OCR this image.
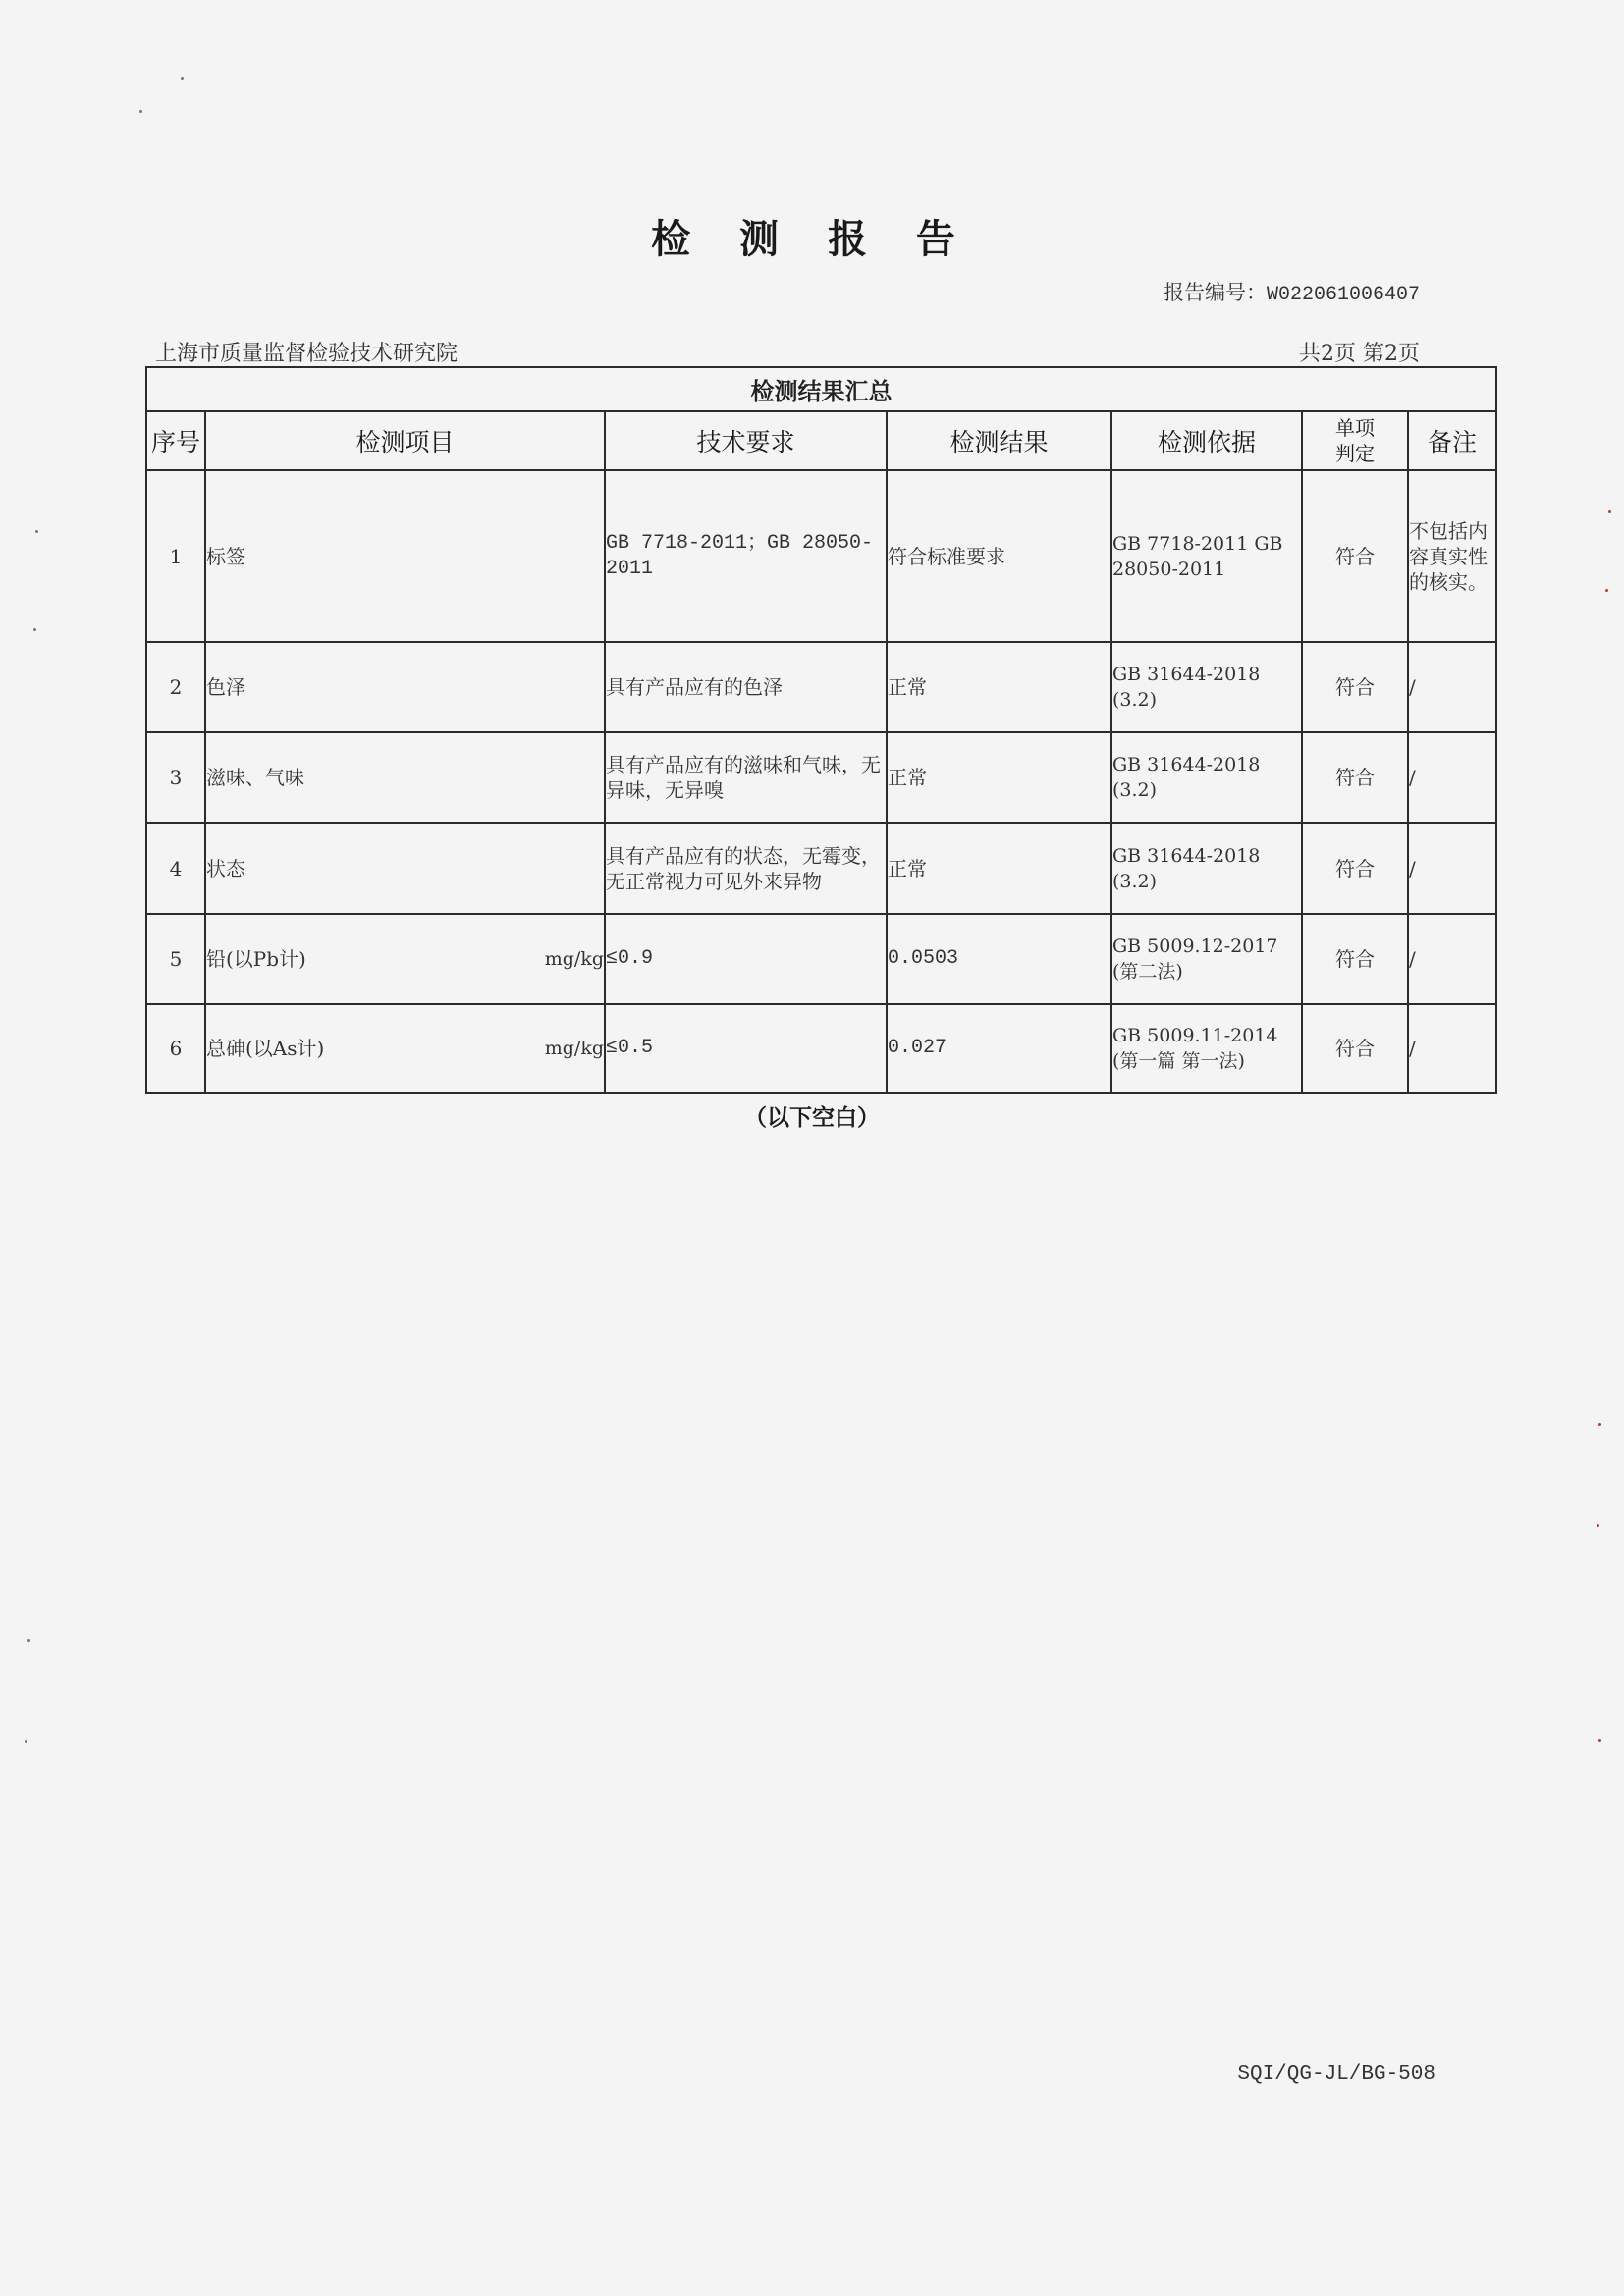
检 测 报 告
报告编号：W022061006407
上海市质量监督检验技术研究院	共2页 第2页
检测结果汇总						
序号	检测项目	技术要求	检测结果	检测依据	单项判定	备注
1	标签	GB 7718-2011；GB 28050-2011	符合标准要求	GB 7718-2011 GB 28050-2011	符合	不包括内容真实性的核实。
2	色泽	具有产品应有的色泽	正常	GB 31644-2018 (3.2)	符合	/
3	滋味、气味	具有产品应有的滋味和气味，无异味，无异嗅	正常	GB 31644-2018 (3.2)	符合	/
4	状态	具有产品应有的状态，无霉变，无正常视力可见外来异物	正常	GB 31644-2018 (3.2)	符合	/
5	铅(以Pb计) mg/kg	≤0.9	0.0503	GB 5009.12-2017 (第二法)	符合	/
6	总砷(以As计) mg/kg	≤0.5	0.027	GB 5009.11-2014 (第一篇 第一法)	符合	/
（以下空白）
SQI/QG-JL/BG-508
